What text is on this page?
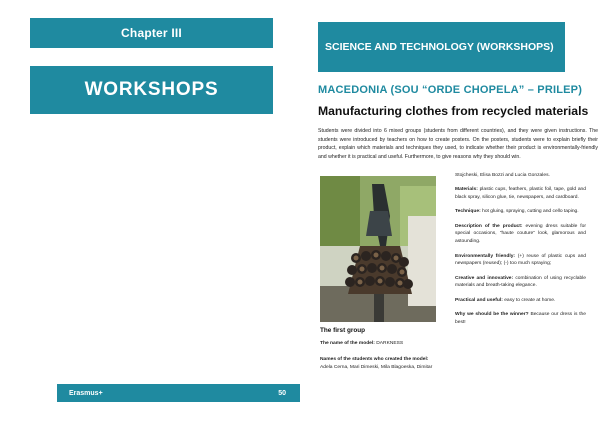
Chapter III
WORKSHOPS
Erasmus+	50
SCIENCE AND TECHNOLOGY (WORKSHOPS)
MACEDONIA (SOU “ORDE CHOPELA” – PRILEP)
Manufacturing clothes from recycled materials
Students were divided into 6 mixed groups (students from different countries), and they were given instructions. The students were introduced by teachers on how to create posters. On the posters, students were to explain briefly their product, explain which materials and techniques they used, to indicate whether their product is environmentally-friendly and whether it is practical and useful. Furthermore, to give reasons why they should win.
The first group
The name of the model: DARKNESS
Names of the students who created the model:
Adela Cerna, Mari Dimeski, Mila Blagoeska, Dimitar

Stojcheski, Elisa Bozzi and Lucia Gonzales.

Materials: plastic cups, feathers, plastic foil, tape, gold and black spray, silicon glue, tie, newspapers, and cardboard.

Technique: hot gluing, spraying, cutting and cello taping.

Description of the product: evening dress suitable for special occasions, “haute couture” look, glamorous and astounding.

Environmentally friendly: (+) reuse of plastic cups and newspapers (reused); (-) too much spraying;

Creative and innovative: combination of using recyclable materials and breath-taking elegance.

Practical and useful: easy to create at home.

Why we should be the winner? Because our dress is the best!
